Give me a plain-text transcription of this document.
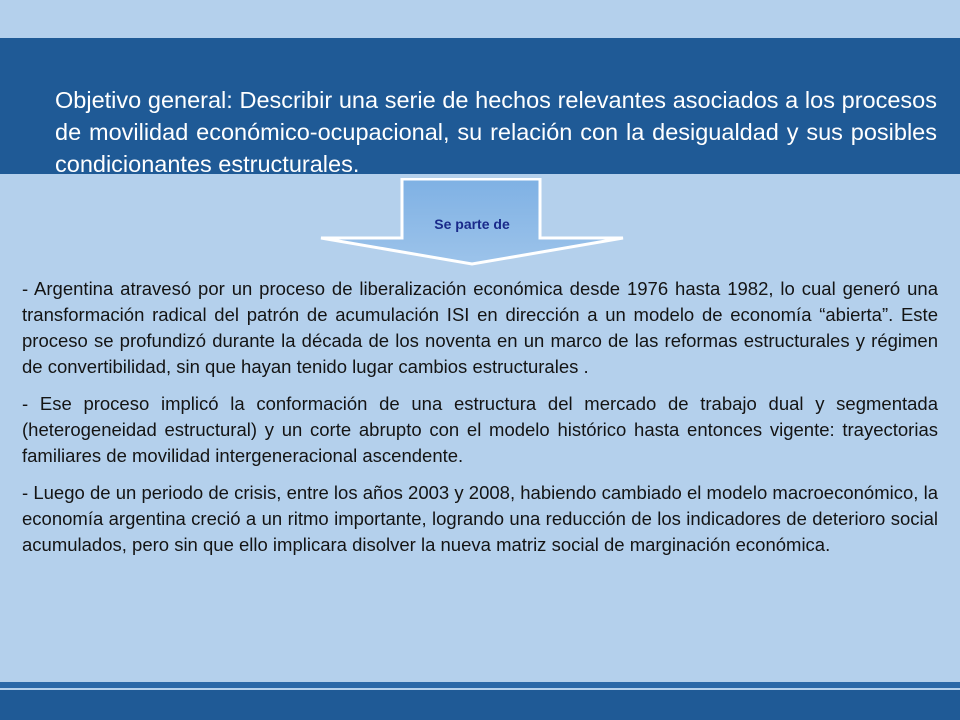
Objetivo general: Describir una serie de hechos relevantes asociados a los procesos de movilidad económico-ocupacional, su relación con la desigualdad y sus posibles condicionantes estructurales.

Se parte de

- Argentina atravesó por un proceso de liberalización económica desde 1976 hasta 1982, lo cual generó una transformación radical del patrón de acumulación ISI en dirección a un modelo de economía “abierta”. Este proceso se profundizó durante la década de los noventa en un marco de las reformas estructurales y régimen de convertibilidad, sin que hayan tenido lugar cambios estructurales .

- Ese proceso implicó la conformación de una estructura del mercado de trabajo dual y segmentada (heterogeneidad estructural) y un corte abrupto con el modelo histórico hasta entonces vigente: trayectorias familiares de movilidad intergeneracional ascendente.

- Luego de un periodo de crisis, entre los años 2003 y 2008, habiendo cambiado el modelo macroeconómico, la economía argentina creció a un ritmo importante, logrando una reducción de los indicadores de deterioro social acumulados, pero sin que ello implicara disolver la nueva matriz social de marginación económica.
